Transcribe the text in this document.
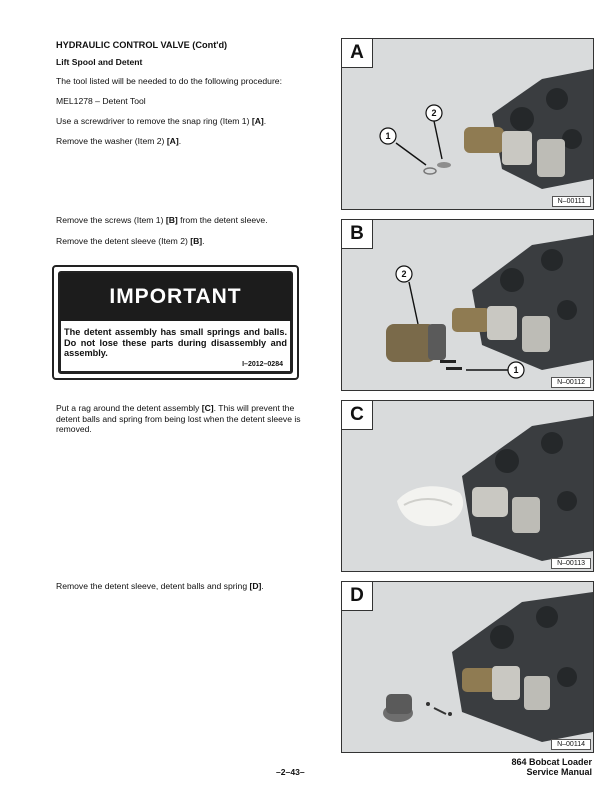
HYDRAULIC CONTROL VALVE (Cont'd)
Lift Spool and Detent
The tool listed will be needed to do the following procedure:
MEL1278 – Detent Tool
Use a screwdriver to remove the snap ring (Item 1) [A].
Remove the washer (Item 2) [A].
Remove the screws (Item 1) [B] from the detent sleeve.
Remove the detent sleeve (Item 2) [B].
IMPORTANT
The detent assembly has small springs and balls. Do not lose these parts during disassembly and assembly.
I–2012–0284
Put a rag around the detent assembly [C]. This will prevent the detent balls and spring from being lost when the detent sleeve is removed.
Remove the detent sleeve, detent balls and spring [D].
A
1
2
N–00111
B
2
1
N–00112
C
N–00113
D
N–00114
–2–43–
864 Bobcat Loader
Service Manual
